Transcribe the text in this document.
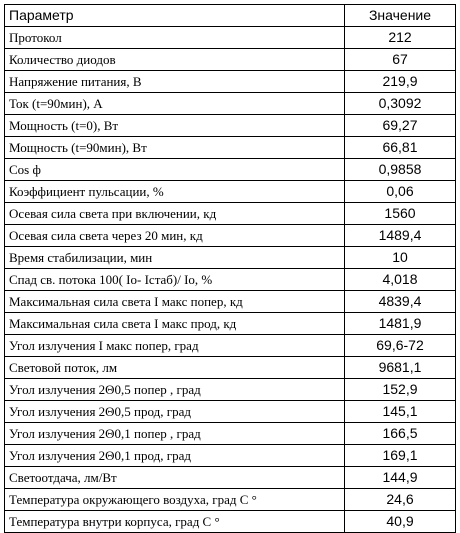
Параметр	Значение
Протокол	212
Количество диодов	67
Напряжение питания, В	219,9
Ток (t=90мин), А	0,3092
Мощность (t=0), Вт	69,27
Мощность (t=90мин), Вт	66,81
Cos ф	0,9858
Коэффициент пульсации, %	0,06
Осевая сила света при включении, кд	1560
Осевая сила света через 20 мин, кд	1489,4
Время стабилизации, мин	10
Спад св. потока 100( Io- Iстаб)/ Io, %	4,018
Максимальная сила света I макс попер, кд	4839,4
Максимальная сила света I макс прод, кд	1481,9
Угол излучения I макс попер, град	69,6-72
Световой поток, лм	9681,1
Угол излучения 2Θ0,5 попер , град	152,9
Угол излучения 2Θ0,5 прод, град	145,1
Угол излучения 2Θ0,1 попер , град	166,5
Угол излучения 2Θ0,1 прод, град	169,1
Светоотдача, лм/Вт	144,9
Температура окружающего воздуха, град С °	24,6
Температура внутри корпуса, град С °	40,9
